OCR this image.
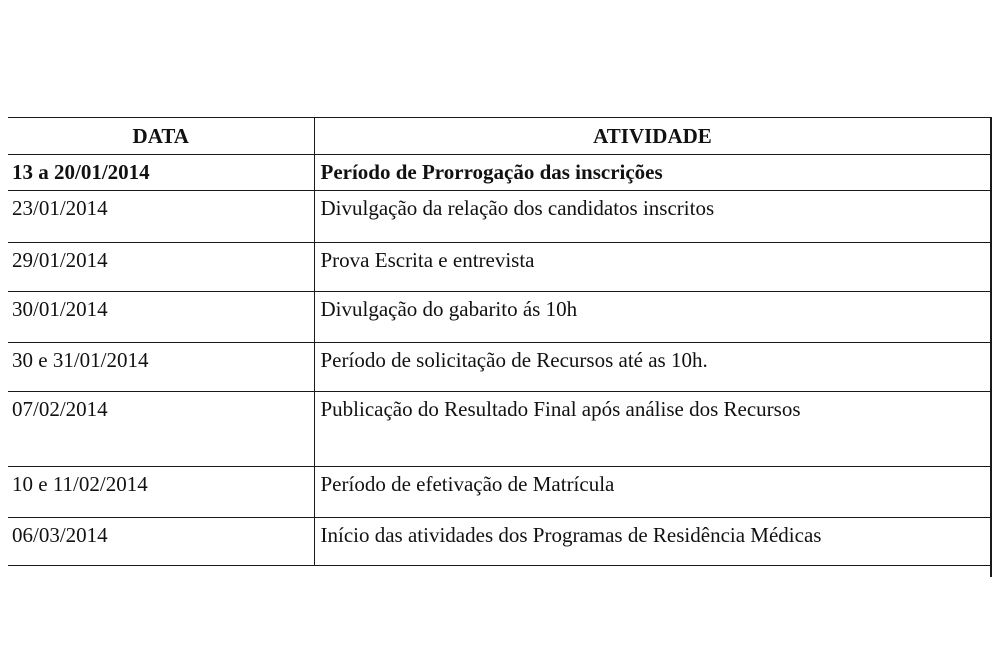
DATA	ATIVIDADE
13 a 20/01/2014	Período de Prorrogação das inscrições
23/01/2014	Divulgação da relação dos candidatos inscritos
29/01/2014	Prova Escrita e entrevista
30/01/2014	Divulgação do gabarito ás 10h
30 e 31/01/2014	Período de solicitação de Recursos até as 10h.
07/02/2014	Publicação do Resultado Final após análise dos Recursos
10 e 11/02/2014	Período de efetivação de Matrícula
06/03/2014	Início das atividades dos Programas de Residência Médicas
